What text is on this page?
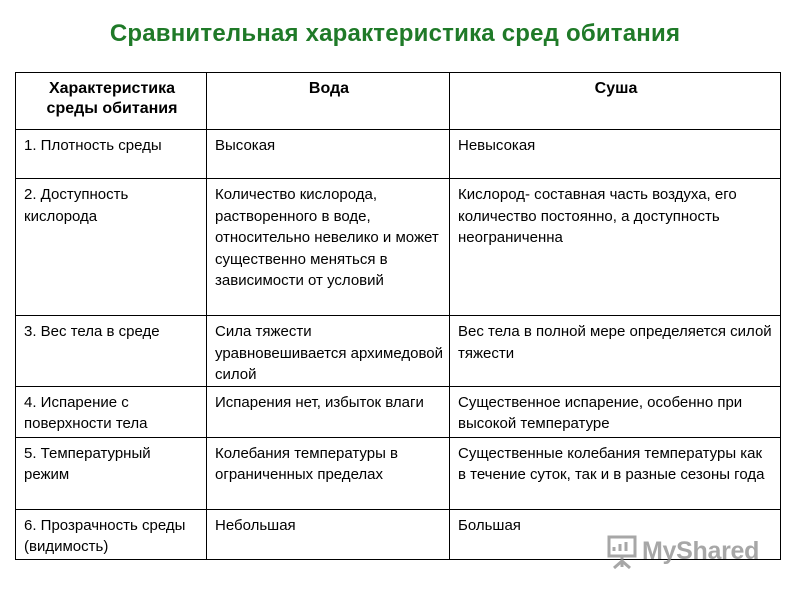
Сравнительная характеристика сред обитания
Характеристика среды обитания	Вода	Суша
1. Плотность среды	Высокая	Невысокая
2. Доступность кислорода	Количество кислорода, растворенного в воде, относительно невелико и может существенно меняться в зависимости от условий	Кислород- составная часть воздуха, его количество постоянно, а доступность неограниченна
3. Вес тела в среде	Сила тяжести уравновешивается архимедовой силой	Вес тела в полной мере определяется силой тяжести
4. Испарение с поверхности тела	Испарения нет, избыток влаги	Существенное испарение, особенно при высокой температуре
5. Температурный режим	Колебания температуры в ограниченных пределах	Существенные колебания температуры как в течение суток, так и в разные сезоны года
6. Прозрачность среды (видимость)	Небольшая	Большая
MyShared
